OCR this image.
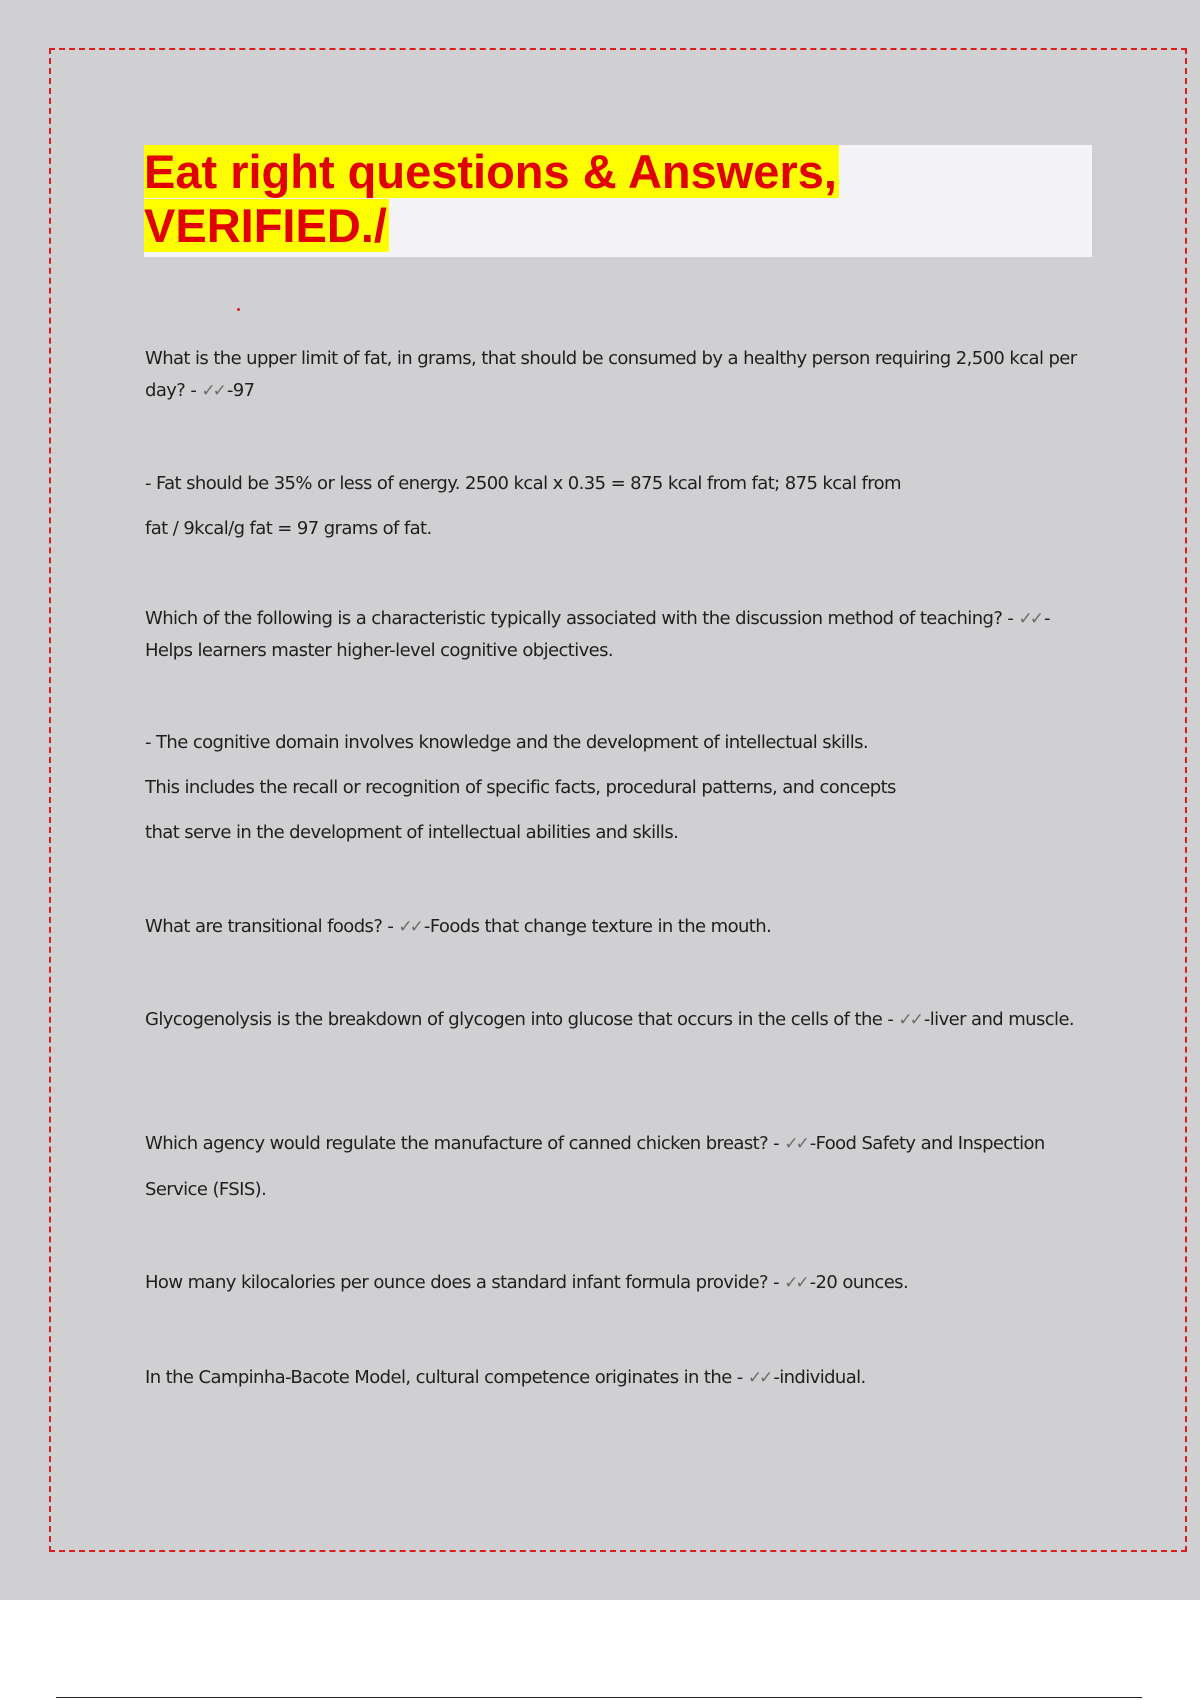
Eat right questions & Answers,
VERIFIED./

What is the upper limit of fat, in grams, that should be consumed by a healthy person requiring 2,500 kcal per day? - ✓✓ -97

- Fat should be 35% or less of energy. 2500 kcal x 0.35 = 875 kcal from fat; 875 kcal from

fat / 9kcal/g fat = 97 grams of fat.

Which of the following is a characteristic typically associated with the discussion method of teaching? - ✓✓ -Helps learners master higher-level cognitive objectives.

- The cognitive domain involves knowledge and the development of intellectual skills.

This includes the recall or recognition of specific facts, procedural patterns, and concepts

that serve in the development of intellectual abilities and skills.

What are transitional foods? - ✓✓ -Foods that change texture in the mouth.

Glycogenolysis is the breakdown of glycogen into glucose that occurs in the cells of the - ✓✓ -liver and muscle.

Which agency would regulate the manufacture of canned chicken breast? - ✓✓ -Food Safety and Inspection Service (FSIS).

How many kilocalories per ounce does a standard infant formula provide? - ✓✓ -20 ounces.

In the Campinha-Bacote Model, cultural competence originates in the - ✓✓ -individual.
